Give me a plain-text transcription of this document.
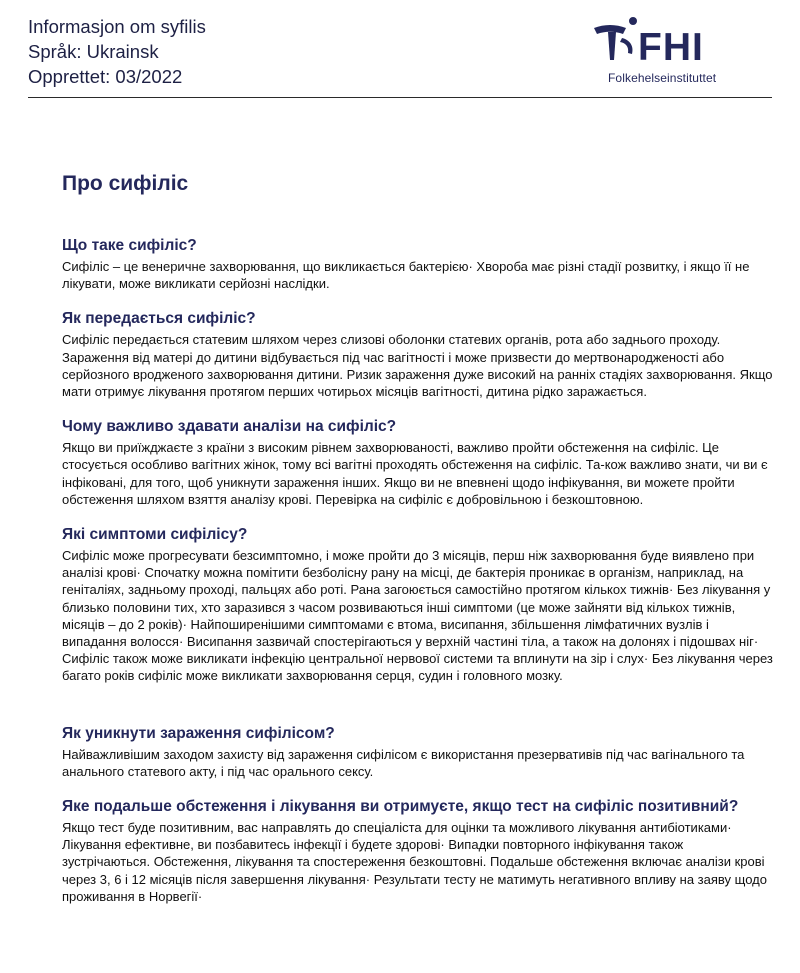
Informasjon om syfilis
Språk: Ukrainsk
Opprettet: 03/2022
FHI
Folkehelseinstituttet
Про сифіліс
Що таке сифіліс?

Сифіліс – це венеричне захворювання, що викликається бактерією· Хвороба має різні стадії розвитку, і якщо її не лікувати, може викликати серйозні наслідки.

Як передається сифіліс?

Сифіліс передається статевим шляхом через слизові оболонки статевих органів, рота або заднього проходу. Зараження від матері до дитини відбувається під час вагітності і може призвести до мертвонароджeності або серйозного вродженого захворювання дитини. Ризик зараження дуже високий на ранніх стадіях захворювання. Якщо мати отримує лікування протягом перших чотирьох місяців вагітності, дитина рідко заражається.

Чому важливо здавати аналізи на сифіліс?

Якщо ви приїжджаєте з країни з високим рівнем захворюваності, важливо пройти обстеження на сифіліс. Це стосується особливо вагітних жінок, тому всі вагітні проходять обстеження на сифіліс. Та-кож важливо знати, чи ви є інфіковані, для того, щоб уникнути зараження інших. Якщо ви не впевнені щодо інфікування, ви можете пройти обстеження шляхом взяття аналізу крові. Перевірка на сифіліс є добровільною і безкоштовною.

Які симптоми сифілісу?

Сифіліс може прогресувати безсимптомно, і може пройти до 3 місяців, перш ніж захворювання буде виявлено при аналізі крові· Спочатку можна помітити безболісну рану на місці, де бактерія проникає в організм, наприклад, на геніталіях, задньому проході, пальцях або роті. Рана загоюється самостійно протягом кількох тижнів· Без лікування у близько половини тих, хто заразився з часом розвиваються інші симптоми (це може зайняти від кількох тижнів, місяців – до 2 років)· Найпоширенішими симптомами є втома, висипання, збільшення лімфатичних вузлів і випадання волосся· Висипання зазвичай спостерігаються у верхній частині тіла, а також на долонях і підошвах ніг· Сифіліс також може викликати інфекцію центральної нервової системи та вплинути на зір і слух· Без лікування через багато років сифіліс може викликати захворювання серця, судин і головного мозку.

Як уникнути зараження сифілісом?

Найважливішим заходом захисту від зараження сифілісом є використання презервативів під час вагінального та анального статевого акту, і під час орального сексу.

Яке подальше обстеження і лікування ви отримуєте, якщо тест на сифіліс позитивний?

Якщо тест буде позитивним, вас направлять до спеціаліста для оцінки та можливого лікування антибіотиками· Лікування ефективне, ви позбавитесь інфекції і будете здорові· Випадки повторного інфікування також зустрічаються. Обстеження, лікування та спостереження безкоштовні. Подальше обстеження включає аналізи крові через 3, 6 і 12 місяців після завершення лікування· Результати тесту не матимуть негативного впливу на заяву щодо проживання в Норвегії·
